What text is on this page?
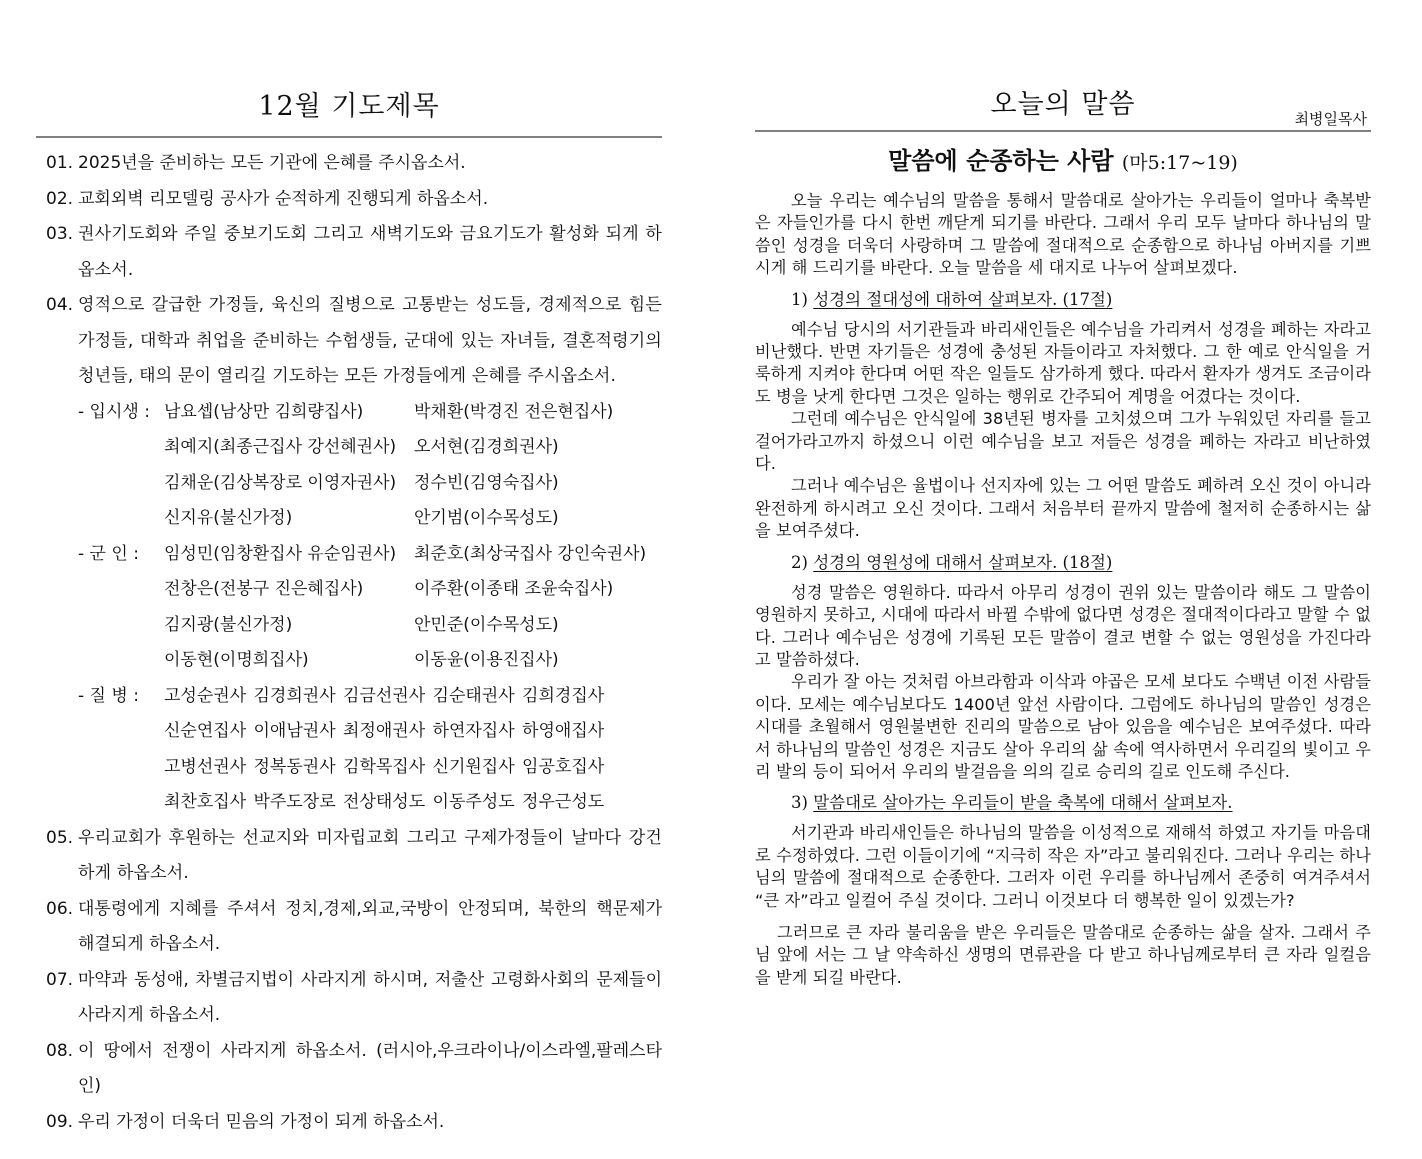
12월 기도제목
01. 2025년을 준비하는 모든 기관에 은혜를 주시옵소서.
02. 교회외벽 리모델링 공사가 순적하게 진행되게 하옵소서.
03. 권사기도회와 주일 중보기도회 그리고 새벽기도와 금요기도가 활성화 되게 하옵소서.
04. 영적으로 갈급한 가정들, 육신의 질병으로 고통받는 성도들, 경제적으로 힘든 가정들, 대학과 취업을 준비하는 수험생들, 군대에 있는 자녀들, 결혼적령기의 청년들, 태의 문이 열리길 기도하는 모든 가정들에게 은혜를 주시옵소서.
- 입시생 : 남요셉(남상만 김희량집사)	박채환(박경진 전은현집사)
최예지(최종근집사 강선혜권사)	오서현(김경희권사)
김채운(김상복장로 이영자권사)	정수빈(김영숙집사)
신지유(불신가정)	안기범(이수목성도)
- 군 인 :	임성민(임창환집사 유순임권사)	최준호(최상국집사 강인숙권사)
전창은(전봉구 진은혜집사)	이주환(이종태 조윤숙집사)
김지광(불신가정)	안민준(이수목성도)
이동현(이명희집사)	이동윤(이용진집사)
- 질 병 :	고성순권사 김경희권사 김금선권사 김순태권사 김희경집사
신순연집사 이애남권사 최정애권사 하연자집사 하영애집사
고병선권사 정복동권사 김학목집사 신기원집사 임공호집사
최찬호집사 박주도장로 전상태성도 이동주성도 정우근성도
05. 우리교회가 후원하는 선교지와 미자립교회 그리고 구제가정들이 날마다 강건하게 하옵소서.
06. 대통령에게 지혜를 주셔서 정치,경제,외교,국방이 안정되며, 북한의 핵문제가 해결되게 하옵소서.
07. 마약과 동성애, 차별금지법이 사라지게 하시며, 저출산 고령화사회의 문제들이 사라지게 하옵소서.
08. 이 땅에서 전쟁이 사라지게 하옵소서. (러시아,우크라이나/이스라엘,팔레스타인)
09. 우리 가정이 더욱더 믿음의 가정이 되게 하옵소서.
오늘의 말씀	최병일목사
말씀에 순종하는 사람 (마5:17~19)

오늘 우리는 예수님의 말씀을 통해서 말씀대로 살아가는 우리들이 얼마나 축복받은 자들인가를 다시 한번 깨닫게 되기를 바란다. 그래서 우리 모두 날마다 하나님의 말씀인 성경을 더욱더 사랑하며 그 말씀에 절대적으로 순종함으로 하나님 아버지를 기쁘시게 해 드리기를 바란다. 오늘 말씀을 세 대지로 나누어 살펴보겠다.

1) 성경의 절대성에 대하여 살펴보자. (17절)

예수님 당시의 서기관들과 바리새인들은 예수님을 가리켜서 성경을 폐하는 자라고 비난했다. 반면 자기들은 성경에 충성된 자들이라고 자처했다. 그 한 예로 안식일을 거룩하게 지켜야 한다며 어떤 작은 일들도 삼가하게 했다. 따라서 환자가 생겨도 조금이라도 병을 낫게 한다면 그것은 일하는 행위로 간주되어 계명을 어겼다는 것이다.

그런데 예수님은 안식일에 38년된 병자를 고치셨으며 그가 누워있던 자리를 들고 걸어가라고까지 하셨으니 이런 예수님을 보고 저들은 성경을 폐하는 자라고 비난하였다.

그러나 예수님은 율법이나 선지자에 있는 그 어떤 말씀도 폐하려 오신 것이 아니라 완전하게 하시려고 오신 것이다. 그래서 처음부터 끝까지 말씀에 철저히 순종하시는 삶을 보여주셨다.

2) 성경의 영원성에 대해서 살펴보자. (18절)

성경 말씀은 영원하다. 따라서 아무리 성경이 권위 있는 말씀이라 해도 그 말씀이 영원하지 못하고, 시대에 따라서 바뀔 수밖에 없다면 성경은 절대적이다라고 말할 수 없다. 그러나 예수님은 성경에 기록된 모든 말씀이 결코 변할 수 없는 영원성을 가진다라고 말씀하셨다.

우리가 잘 아는 것처럼 아브라함과 이삭과 야곱은 모세 보다도 수백년 이전 사람들이다. 모세는 예수님보다도 1400년 앞선 사람이다. 그럼에도 하나님의 말씀인 성경은 시대를 초월해서 영원불변한 진리의 말씀으로 남아 있음을 예수님은 보여주셨다. 따라서 하나님의 말씀인 성경은 지금도 살아 우리의 삶 속에 역사하면서 우리길의 빛이고 우리 발의 등이 되어서 우리의 발걸음을 의의 길로 승리의 길로 인도해 주신다.

3) 말씀대로 살아가는 우리들이 받을 축복에 대해서 살펴보자.

서기관과 바리새인들은 하나님의 말씀을 이성적으로 재해석 하였고 자기들 마음대로 수정하였다. 그런 이들이기에 “지극히 작은 자”라고 불리워진다. 그러나 우리는 하나님의 말씀에 절대적으로 순종한다. 그러자 이런 우리를 하나님께서 존중히 여겨주셔서 “큰 자”라고 일컬어 주실 것이다. 그러니 이것보다 더 행복한 일이 있겠는가?

그러므로 큰 자라 불리움을 받은 우리들은 말씀대로 순종하는 삶을 살자. 그래서 주님 앞에 서는 그 날 약속하신 생명의 면류관을 다 받고 하나님께로부터 큰 자라 일컬음을 받게 되길 바란다.
